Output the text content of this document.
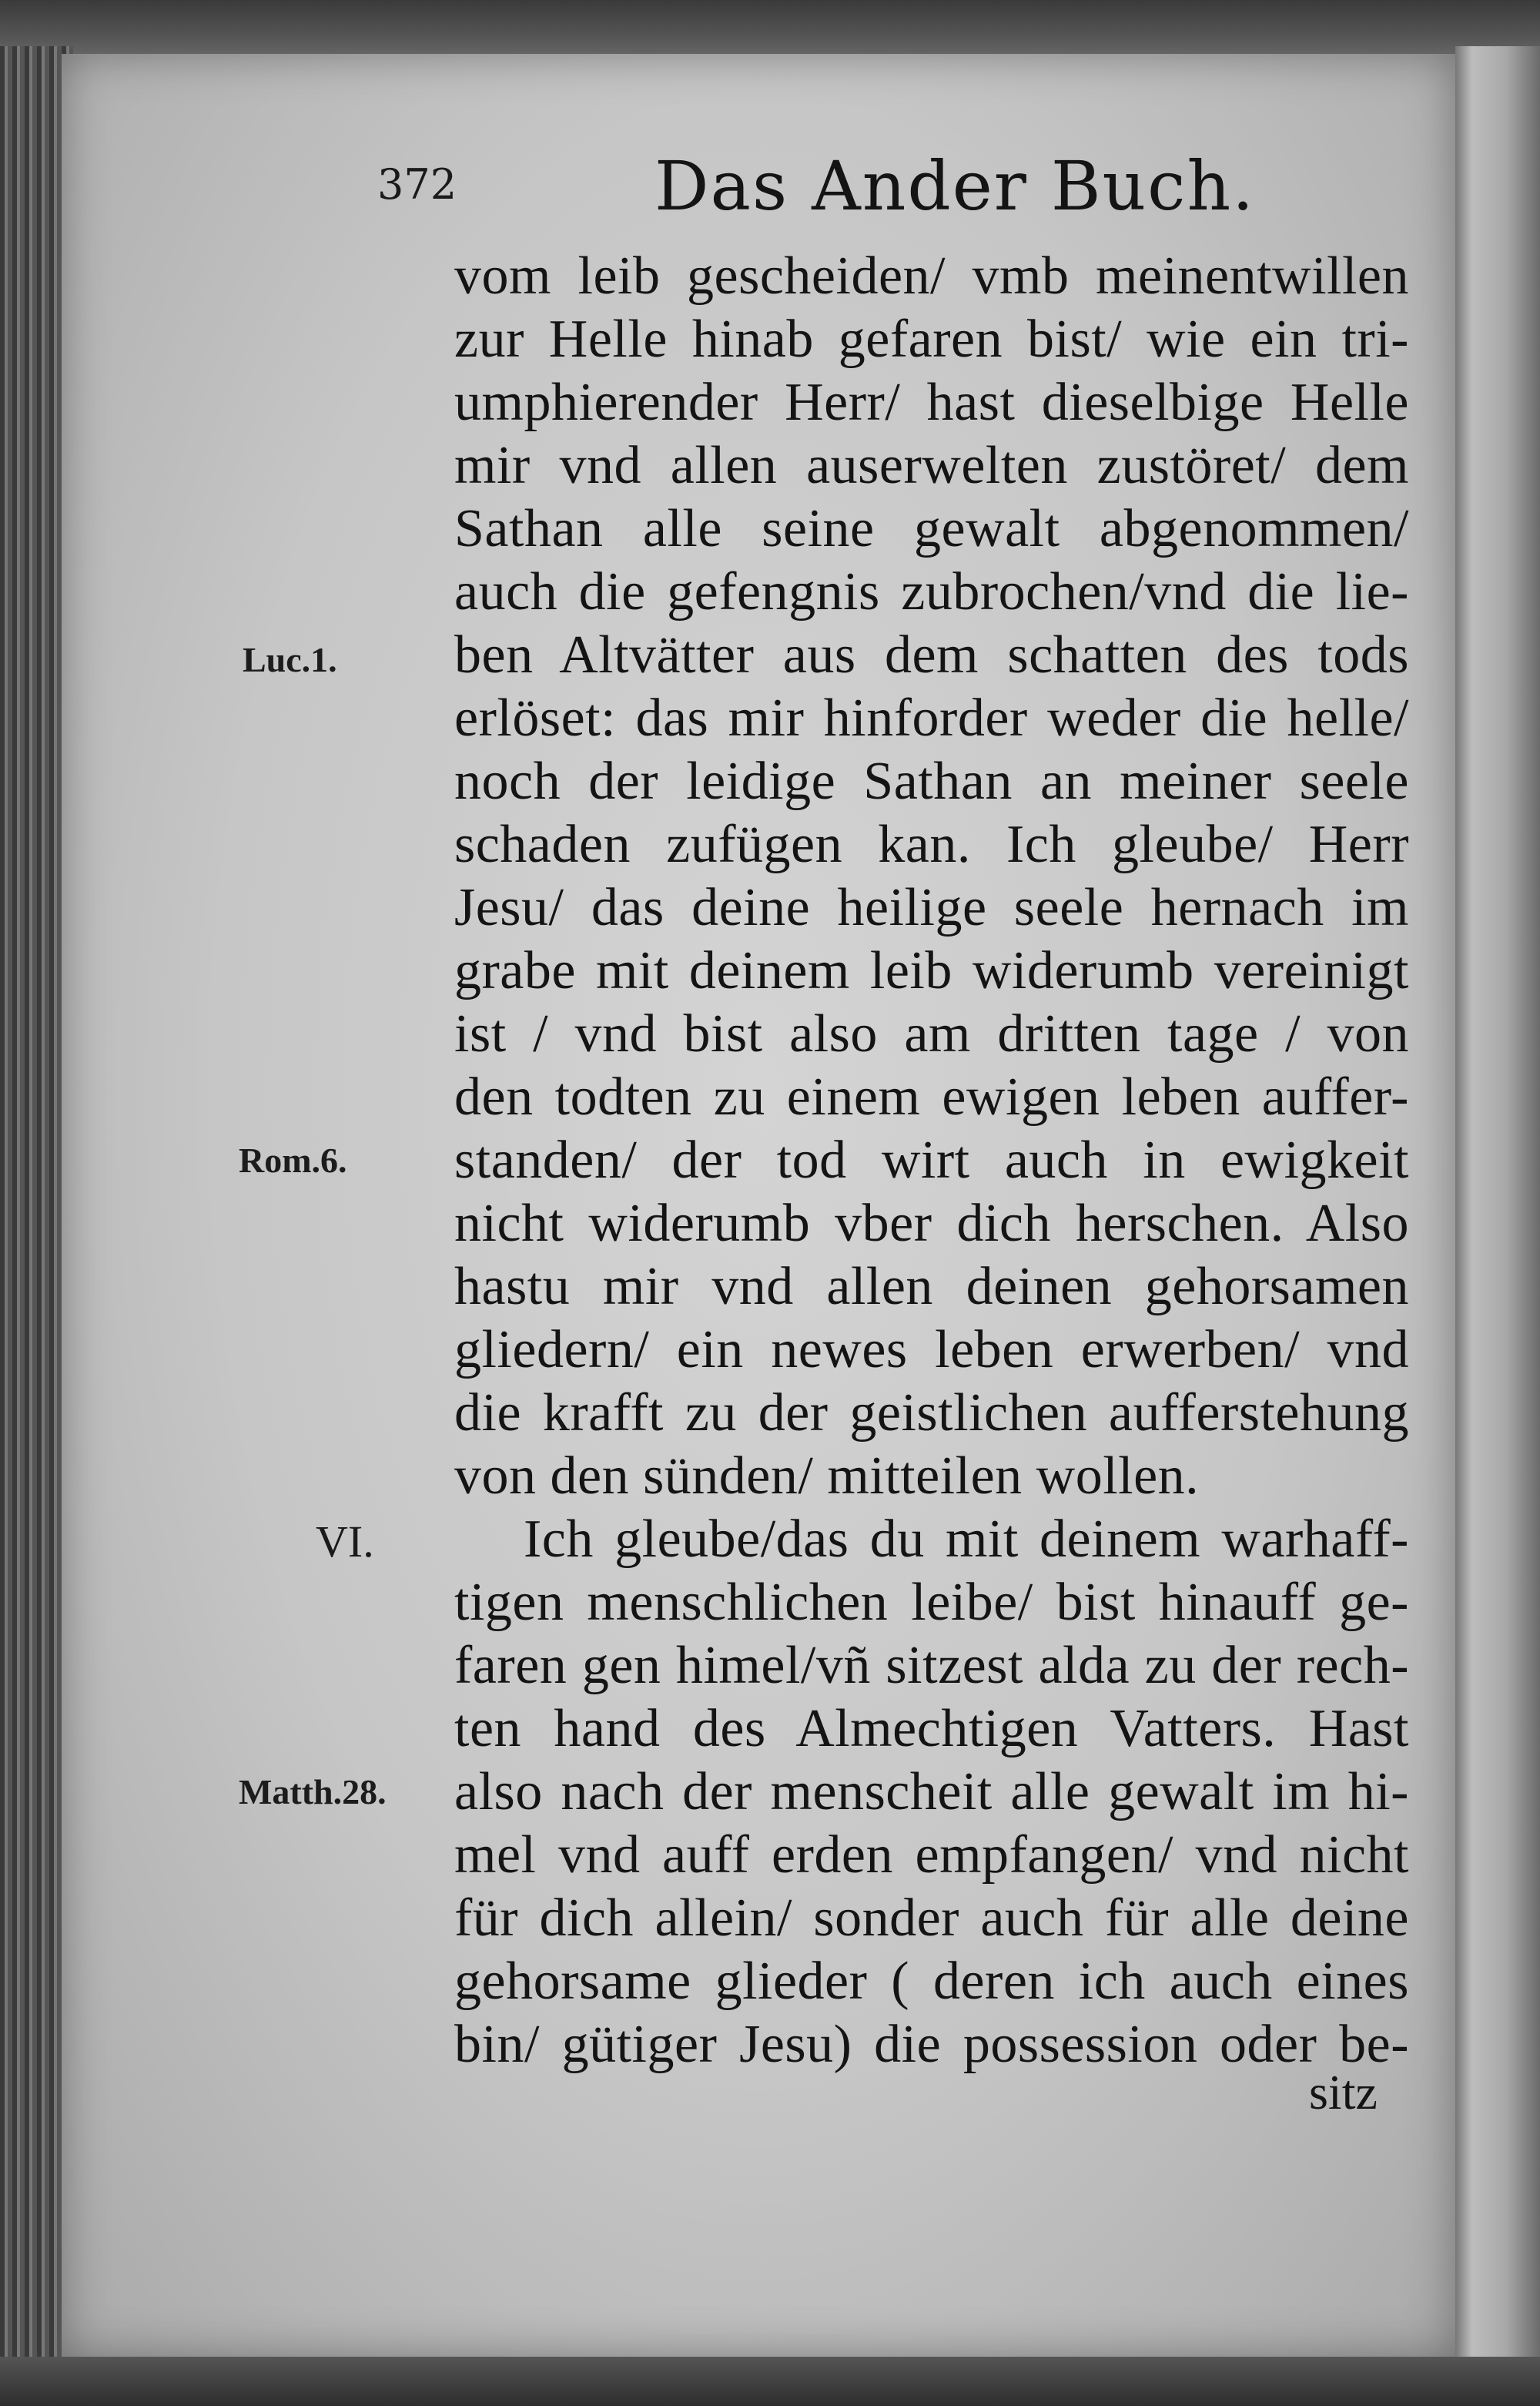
372	Das Ander Buch.
Luc.1.
Rom.6.
Matth.28.
VI.
vom leib gescheiden/ vmb meinentwillen
zur Helle hinab gefaren bist/ wie ein tri-
umphierender Herr/ hast dieselbige Helle
mir vnd allen auserwelten zustöret/ dem
Sathan alle seine gewalt abgenommen/
auch die gefengnis zubrochen/vnd die lie-
ben Altvätter aus dem schatten des tods
erlöset: das mir hinforder weder die helle/
noch der leidige Sathan an meiner seele
schaden zufügen kan. Ich gleube/ Herr
Jesu/ das deine heilige seele hernach im
grabe mit deinem leib widerumb vereinigt
ist / vnd bist also am dritten tage / von
den todten zu einem ewigen leben auffer-
standen/ der tod wirt auch in ewigkeit
nicht widerumb vber dich herschen. Also
hastu mir vnd allen deinen gehorsamen
gliedern/ ein newes leben erwerben/ vnd
die krafft zu der geistlichen aufferstehung
von den sünden/ mitteilen wollen.
Ich gleube/das du mit deinem warhaff-
tigen menschlichen leibe/ bist hinauff ge-
faren gen himel/vñ sitzest alda zu der rech-
ten hand des Almechtigen Vatters. Hast
also nach der menscheit alle gewalt im hi-
mel vnd auff erden empfangen/ vnd nicht
für dich allein/ sonder auch für alle deine
gehorsame glieder ( deren ich auch eines
bin/ gütiger Jesu) die possession oder be-
sitz
